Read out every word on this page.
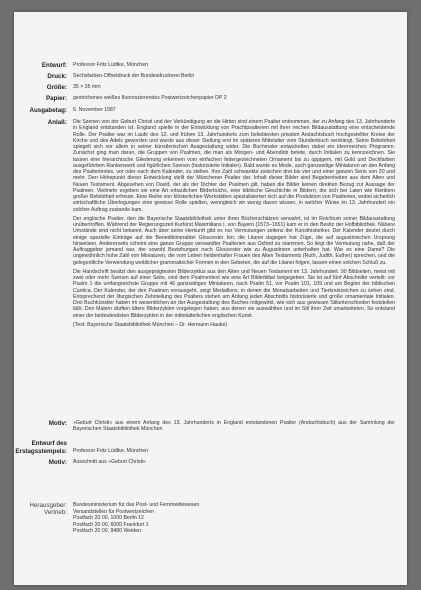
Entwurf: Professor Fritz Lüdtke, München
Druck: Sechsfarben-Offsetdruck der Bundesdruckerei Berlin
Größe: 35 × 35 mm
Papier: gestrichenes weißes fluoreszierendes Postwertzeichenpapier DP 2
Ausgabetag: 6. November 1987
Anlaß: Die Szenen von der Geburt Christi und der Verkündigung an die Hirten sind einem Psalter entnommen, der zu Anfang des 13. Jahrhunderts in England entstanden ist. England spielte in der Entwicklung von Prachtpsalterien mit ihrer reichen Bildausstattung eine entscheidende Rolle. Der Psalter war im Laufe des 12. und frühen 13. Jahrhunderts zum beliebtesten privaten Andachtsbuch hochgestellter Kreise der Kirche und des Adels geworden und wurde aus dieser Stellung erst im späteren Mittelalter vom Stundenbuch verdrängt. Seine Beliebtheit spiegelt sich vor allem in seiner künstlerischen Ausgestaltung wider. Die Buchmaler entwickelten dabei ein ideenreiches Programm. Zunächst ging man daran, die Gruppen von Psalmen, die man als Morgen- und Abendlob betete, durch Initialen zu kennzeichnen. Sie lassen eine hierarchische Gliederung erkennen vom einfachen federgezeichneten Ornament bis zu üppigem, mit Gold und Deckfarben ausgeführtem Rankenwerk und figürlichen Szenen (historisierte Initialen). Bald wurde es Mode, auch ganzseitige Miniaturen an den Anfang des Psaltertextes, vor oder nach dem Kalender, zu stellen. Ihre Zahl schwankte zwischen drei bis vier und einer ganzen Serie von 20 und mehr. Den Höhepunkt dieser Entwicklung stellt der Münchener Psalter dar. Inhalt dieser Bilder sind Begebenheiten aus dem Alten und Neuen Testament. Abgesehen von David, der als der Dichter der Psalmen gilt, haben die Bilder keinen direkten Bezug zur Aussage der Psalmen. Vielmehr ergeben sie eine Art erbaulichen Bilderbuchs, eine biblische Geschichte in Bildern, die sich bei Laien wie Klerikern großer Beliebtheit erfreute. Eine Reihe von klösterlichen Werkstätten spezialisierten sich auf die Produktion von Psalterien, wobei sicherlich wirtschaftliche Überlegungen eine gewisse Rolle spielten, wenngleich wir wenig davon wissen, in welcher Weise im 13. Jahrhundert ein solcher Auftrag zustande kam.

Der englische Psalter, den die Bayerische Staatsbibliothek unter ihren Bücherschätzen verwahrt, ist im Reichtum seiner Bildausstattung unübertroffen. Während der Regierungszeit Kurfürst Maximilians I. von Bayern (1573–1651) kam er in den Besitz der Hofbibliothek. Nähere Umstände sind nicht bekannt. Auch über seine Herkunft gibt es nur Vermutungen seitens der Kunsthistoriker. Der Kalender deutet durch einige spezielle Einträge auf die Benediktinerabtei Gloucester hin; die Litanei dagegen hat Züge, die auf augustinischen Ursprung hinweisen. Andererseits scheint eine ganze Gruppe verwandter Psalterien aus Oxford zu stammen. So liegt die Vermutung nahe, daß der Auftraggeber jemand war, der sowohl Beziehungen nach Gloucester wie zu Augustinern unterhalten hat. War es eine Dame? Die ungewöhnlich hohe Zahl von Miniaturen, die vom Leben heldenhafter Frauen des Alten Testaments (Ruth, Judith, Esther) sprechen, und die gelegentliche Verwendung weiblicher grammatischer Formen in den Gebeten, die auf die Litanei folgen, lassen einen solchen Schluß zu.

Die Handschrift besitzt den ausgeprägtesten Bilderzyklus aus den Alten und Neuen Testament im 13. Jahrhundert. 90 Bildseiten, meist mit zwei oder mehr Szenen auf einer Seite, sind dem Psalmentext wie eine Art Bilderbibel beigegeben. Sie ist auf fünf Abschnitte verteilt: vor Psalm 1 die umfangreichste Gruppe mit 46 ganzseitigen Miniaturen, nach Psalm 51, vor Psalm 101, 109 und am Beginn der biblischen Cantica. Der Kalender, der den Psalmen vorausgeht, zeigt Medaillons, in denen die Monatsarbeiten und Tierkreiszeichen zu sehen sind. Entsprechend der liturgischen Zehnteilung des Psalters stehen am Anfang jeden Abschnitts historisierte und große ornamentale Initialen. Drei Buchkünstler haben im wesentlichen an der Ausgestaltung des Buches mitgewirkt, wie sich aus gewissen Stilunterschieden feststellen läßt. Den Malern dürften ältere Bilderzyklen vorgelegen haben, aus denen sie auswählten und im Stil ihrer Zeit umarbeiteten. So entstand einer der bedeutendsten Bilderzyklen in der mittelalterlichen englischen Kunst.

(Text: Bayerische Staatsbibliothek München – Dr. Hermann Hauke)

Motiv: »Geburt Christi« aus einem Anfang des 13. Jahrhunderts in England entstandenen Psalter (Andachtsbuch) aus der Sammlung der Bayerischen Staatsbibliothek München
Entwurf des
Erstagsstempels: Professor Fritz Lüdtke, München
Motiv: Ausschnitt aus »Geburt Christi«
Herausgeber:
Vertrieb:
Bundesministerium für das Post- und Fernmeldewesen
Versandstellen für Postwertzeichen
Postfach 20 00, 1000 Berlin 12
Postfach 20 00, 6000 Frankfurt 1
Postfach 20 00, 8480 Weiden
